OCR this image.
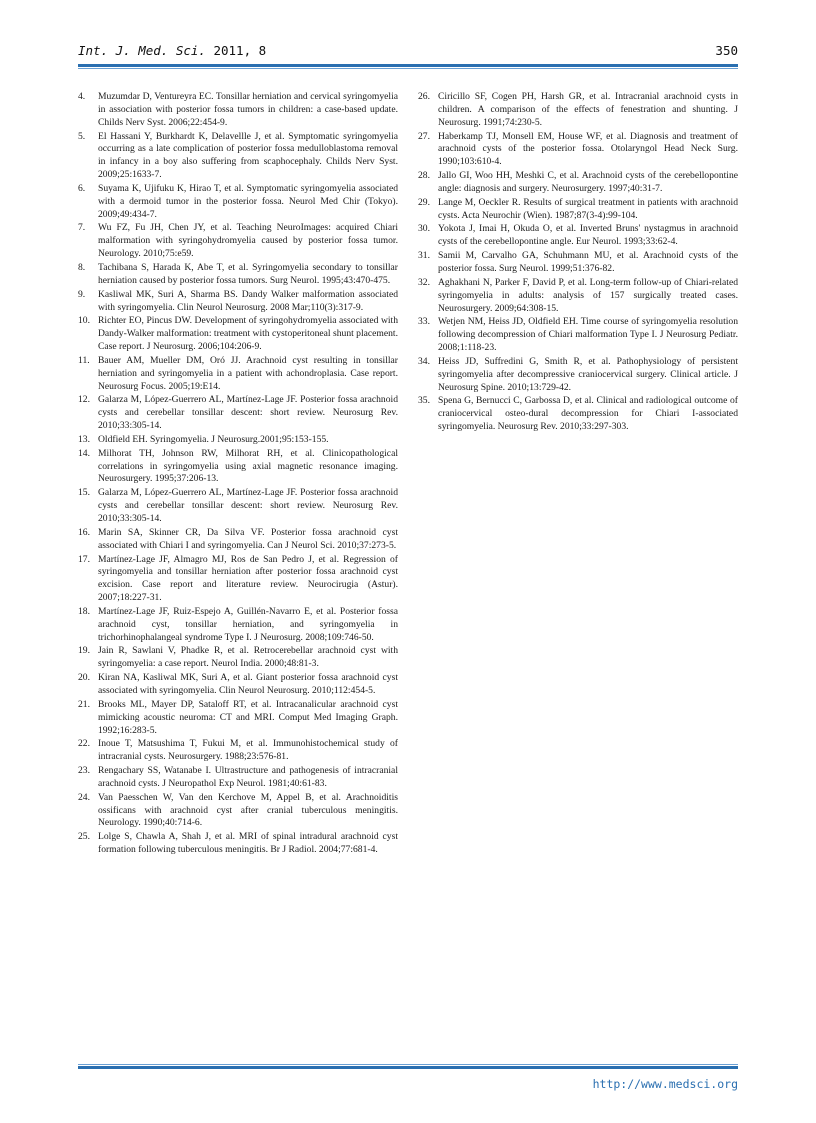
Int. J. Med. Sci. 2011, 8	350
4.	Muzumdar D, Ventureyra EC. Tonsillar herniation and cervical syringomyelia in association with posterior fossa tumors in children: a case-based update. Childs Nerv Syst. 2006;22:454-9.
5.	El Hassani Y, Burkhardt K, Delavellle J, et al. Symptomatic syringomyelia occurring as a late complication of posterior fossa medulloblastoma removal in infancy in a boy also suffering from scaphocephaly. Childs Nerv Syst. 2009;25:1633-7.
6.	Suyama K, Ujifuku K, Hirao T, et al. Symptomatic syringomyelia associated with a dermoid tumor in the posterior fossa. Neurol Med Chir (Tokyo). 2009;49:434-7.
7.	Wu FZ, Fu JH, Chen JY, et al. Teaching NeuroImages: acquired Chiari malformation with syringohydromyelia caused by posterior fossa tumor. Neurology. 2010;75:e59.
8.	Tachibana S, Harada K, Abe T, et al. Syringomyelia secondary to tonsillar herniation caused by posterior fossa tumors. Surg Neurol. 1995;43:470-475.
9.	Kasliwal MK, Suri A, Sharma BS. Dandy Walker malformation associated with syringomyelia. Clin Neurol Neurosurg. 2008 Mar;110(3):317-9.
10. Richter EO, Pincus DW. Development of syringohydromyelia associated with Dandy-Walker malformation: treatment with cystoperitoneal shunt placement. Case report. J Neurosurg. 2006;104:206-9.
11. Bauer AM, Mueller DM, Oró JJ. Arachnoid cyst resulting in tonsillar herniation and syringomyelia in a patient with achondroplasia. Case report. Neurosurg Focus. 2005;19:E14.
12. Galarza M, López-Guerrero AL, Martínez-Lage JF. Posterior fossa arachnoid cysts and cerebellar tonsillar descent: short review. Neurosurg Rev. 2010;33:305-14.
13. Oldfield EH. Syringomyelia. J Neurosurg.2001;95:153-155.
14. Milhorat TH, Johnson RW, Milhorat RH, et al. Clinicopathological correlations in syringomyelia using axial magnetic resonance imaging. Neurosurgery. 1995;37:206-13.
15. Galarza M, López-Guerrero AL, Martínez-Lage JF. Posterior fossa arachnoid cysts and cerebellar tonsillar descent: short review. Neurosurg Rev. 2010;33:305-14.
16. Marin SA, Skinner CR, Da Silva VF. Posterior fossa arachnoid cyst associated with Chiari I and syringomyelia. Can J Neurol Sci. 2010;37:273-5.
17. Martínez-Lage JF, Almagro MJ, Ros de San Pedro J, et al. Regression of syringomyelia and tonsillar herniation after posterior fossa arachnoid cyst excision. Case report and literature review. Neurocirugia (Astur). 2007;18:227-31.
18. Martínez-Lage JF, Ruiz-Espejo A, Guillén-Navarro E, et al. Posterior fossa arachnoid cyst, tonsillar herniation, and syringomyelia in trichorhinophalangeal syndrome Type I. J Neurosurg. 2008;109:746-50.
19. Jain R, Sawlani V, Phadke R, et al. Retrocerebellar arachnoid cyst with syringomyelia: a case report. Neurol India. 2000;48:81-3.
20. Kiran NA, Kasliwal MK, Suri A, et al. Giant posterior fossa arachnoid cyst associated with syringomyelia. Clin Neurol Neurosurg. 2010;112:454-5.
21. Brooks ML, Mayer DP, Sataloff RT, et al. Intracanalicular arachnoid cyst mimicking acoustic neuroma: CT and MRI. Comput Med Imaging Graph. 1992;16:283-5.
22. Inoue T, Matsushima T, Fukui M, et al. Immunohistochemical study of intracranial cysts. Neurosurgery. 1988;23:576-81.
23. Rengachary SS, Watanabe I. Ultrastructure and pathogenesis of intracranial arachnoid cysts. J Neuropathol Exp Neurol. 1981;40:61-83.
24. Van Paesschen W, Van den Kerchove M, Appel B, et al. Arachnoiditis ossificans with arachnoid cyst after cranial tuberculous meningitis. Neurology. 1990;40:714-6.
25. Lolge S, Chawla A, Shah J, et al. MRI of spinal intradural arachnoid cyst formation following tuberculous meningitis. Br J Radiol. 2004;77:681-4.
26. Ciricillo SF, Cogen PH, Harsh GR, et al. Intracranial arachnoid cysts in children. A comparison of the effects of fenestration and shunting. J Neurosurg. 1991;74:230-5.
27. Haberkamp TJ, Monsell EM, House WF, et al. Diagnosis and treatment of arachnoid cysts of the posterior fossa. Otolaryngol Head Neck Surg. 1990;103:610-4.
28. Jallo GI, Woo HH, Meshki C, et al. Arachnoid cysts of the cerebellopontine angle: diagnosis and surgery. Neurosurgery. 1997;40:31-7.
29. Lange M, Oeckler R. Results of surgical treatment in patients with arachnoid cysts. Acta Neurochir (Wien). 1987;87(3-4):99-104.
30. Yokota J, Imai H, Okuda O, et al. Inverted Bruns' nystagmus in arachnoid cysts of the cerebellopontine angle. Eur Neurol. 1993;33:62-4.
31. Samii M, Carvalho GA, Schuhmann MU, et al. Arachnoid cysts of the posterior fossa. Surg Neurol. 1999;51:376-82.
32. Aghakhani N, Parker F, David P, et al. Long-term follow-up of Chiari-related syringomyelia in adults: analysis of 157 surgically treated cases. Neurosurgery. 2009;64:308-15.
33. Wetjen NM, Heiss JD, Oldfield EH. Time course of syringomyelia resolution following decompression of Chiari malformation Type I. J Neurosurg Pediatr. 2008;1:118-23.
34. Heiss JD, Suffredini G, Smith R, et al. Pathophysiology of persistent syringomyelia after decompressive craniocervical surgery. Clinical article. J Neurosurg Spine. 2010;13:729-42.
35. Spena G, Bernucci C, Garbossa D, et al. Clinical and radiological outcome of craniocervical osteo-dural decompression for Chiari I-associated syringomyelia. Neurosurg Rev. 2010;33:297-303.
http://www.medsci.org
